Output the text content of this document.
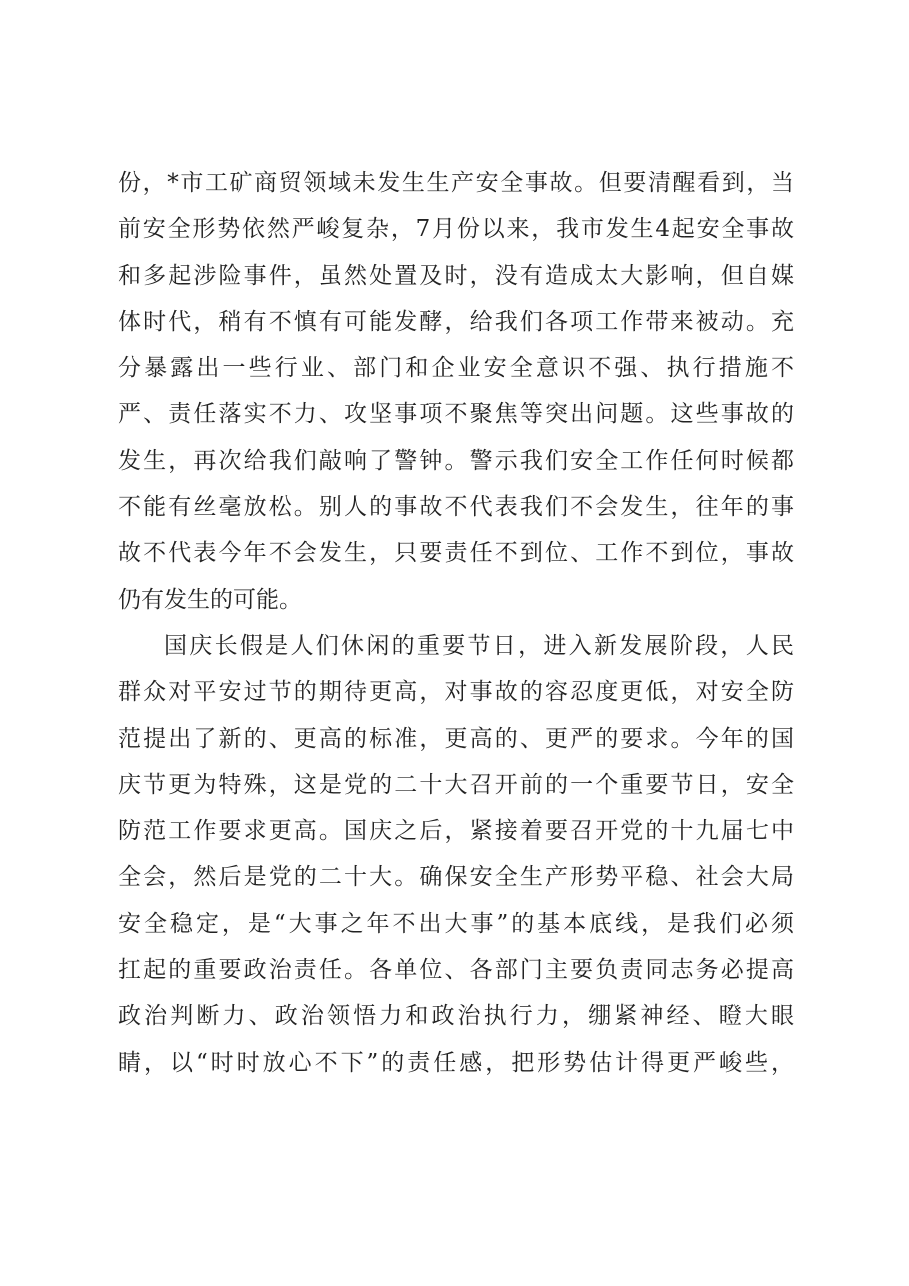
份，*市工矿商贸领域未发生生产安全事故。但要清醒看到，当
前安全形势依然严峻复杂，7月份以来，我市发生4起安全事故
和多起涉险事件，虽然处置及时，没有造成太大影响，但自媒
体时代，稍有不慎有可能发酵，给我们各项工作带来被动。充
分暴露出一些行业、部门和企业安全意识不强、执行措施不
严、责任落实不力、攻坚事项不聚焦等突出问题。这些事故的
发生，再次给我们敲响了警钟。警示我们安全工作任何时候都
不能有丝毫放松。别人的事故不代表我们不会发生，往年的事
故不代表今年不会发生，只要责任不到位、工作不到位，事故
仍有发生的可能。
国庆长假是人们休闲的重要节日，进入新发展阶段，人民
群众对平安过节的期待更高，对事故的容忍度更低，对安全防
范提出了新的、更高的标准，更高的、更严的要求。今年的国
庆节更为特殊，这是党的二十大召开前的一个重要节日，安全
防范工作要求更高。国庆之后，紧接着要召开党的十九届七中
全会，然后是党的二十大。确保安全生产形势平稳、社会大局
安全稳定，是“大事之年不出大事”的基本底线，是我们必须
扛起的重要政治责任。各单位、各部门主要负责同志务必提高
政治判断力、政治领悟力和政治执行力，绷紧神经、瞪大眼
睛，以“时时放心不下”的责任感，把形势估计得更严峻些，
